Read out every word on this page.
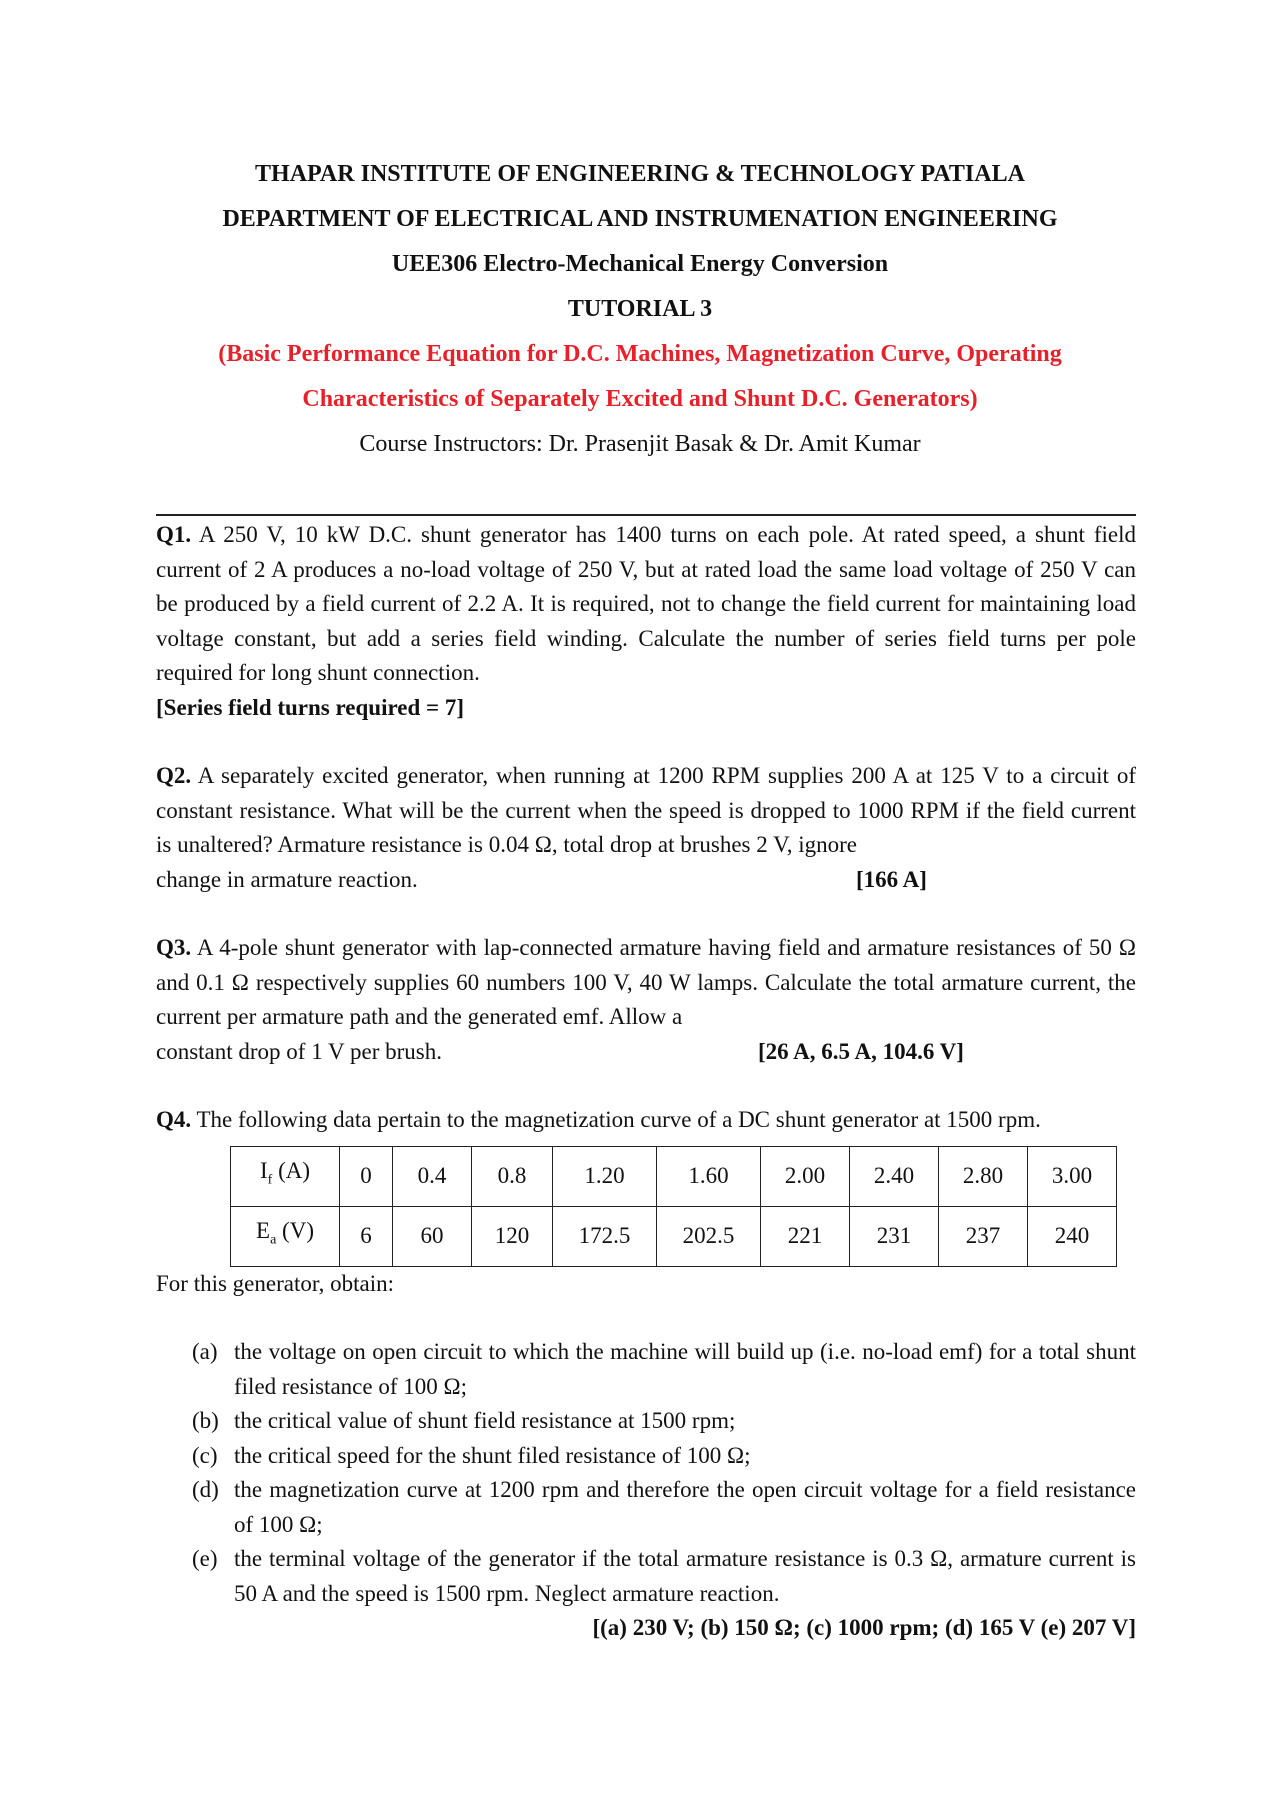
THAPAR INSTITUTE OF ENGINEERING & TECHNOLOGY PATIALA
DEPARTMENT OF ELECTRICAL AND INSTRUMENATION ENGINEERING
UEE306 Electro-Mechanical Energy Conversion
TUTORIAL 3
(Basic Performance Equation for D.C. Machines, Magnetization Curve, Operating
Characteristics of Separately Excited and Shunt D.C. Generators)
Course Instructors: Dr. Prasenjit Basak & Dr. Amit Kumar
Q1. A 250 V, 10 kW D.C. shunt generator has 1400 turns on each pole. At rated speed, a shunt field current of 2 A produces a no-load voltage of 250 V, but at rated load the same load voltage of 250 V can be produced by a field current of 2.2 A. It is required, not to change the field current for maintaining load voltage constant, but add a series field winding. Calculate the number of series field turns per pole required for long shunt connection.
[Series field turns required = 7]
Q2. A separately excited generator, when running at 1200 RPM supplies 200 A at 125 V to a circuit of constant resistance. What will be the current when the speed is dropped to 1000 RPM if the field current is unaltered? Armature resistance is 0.04 Ω, total drop at brushes 2 V, ignore
change in armature reaction.	[166 A]
Q3. A 4-pole shunt generator with lap-connected armature having field and armature resistances of 50 Ω and 0.1 Ω respectively supplies 60 numbers 100 V, 40 W lamps. Calculate the total armature current, the current per armature path and the generated emf. Allow a
constant drop of 1 V per brush.	[26 A, 6.5 A, 104.6 V]
Q4. The following data pertain to the magnetization curve of a DC shunt generator at 1500 rpm.
$I_f$ (A)	0	0.4	0.8	1.20	1.60	2.00	2.40	2.80	3.00
$E_a$ (V)	6	60	120	172.5	202.5	221	231	237	240
For this generator, obtain:
(a) the voltage on open circuit to which the machine will build up (i.e. no-load emf) for a total shunt filed resistance of 100 Ω;
(b) the critical value of shunt field resistance at 1500 rpm;
(c) the critical speed for the shunt filed resistance of 100 Ω;
(d) the magnetization curve at 1200 rpm and therefore the open circuit voltage for a field resistance of 100 Ω;
(e) the terminal voltage of the generator if the total armature resistance is 0.3 Ω, armature current is 50 A and the speed is 1500 rpm. Neglect armature reaction.
[(a) 230 V; (b) 150 Ω; (c) 1000 rpm; (d) 165 V (e) 207 V]
